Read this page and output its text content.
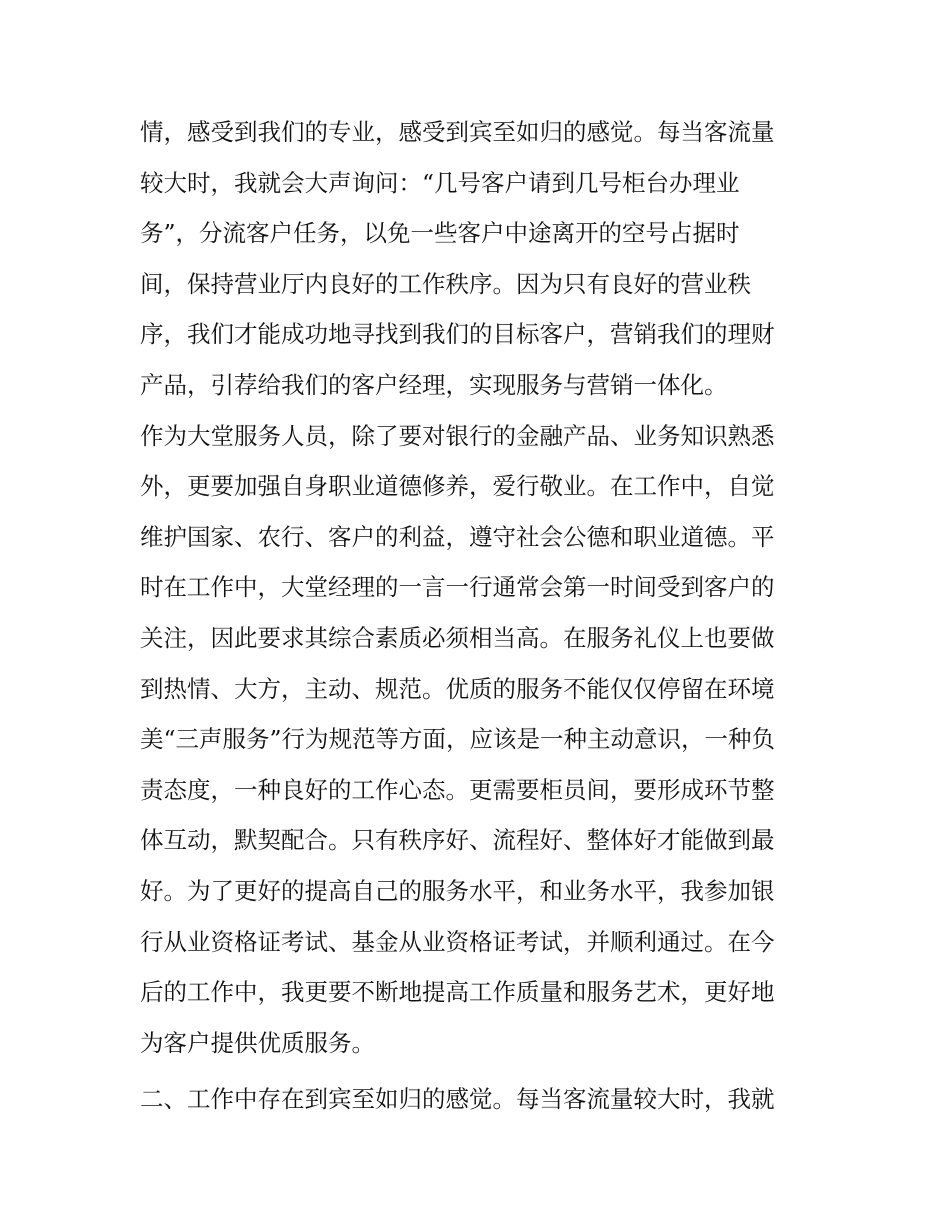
情，感受到我们的专业，感受到宾至如归的感觉。每当客流量
较大时，我就会大声询问：“几号客户请到几号柜台办理业
务”，分流客户任务，以免一些客户中途离开的空号占据时
间，保持营业厅内良好的工作秩序。因为只有良好的营业秩
序，我们才能成功地寻找到我们的目标客户，营销我们的理财
产品，引荐给我们的客户经理，实现服务与营销一体化。
作为大堂服务人员，除了要对银行的金融产品、业务知识熟悉
外，更要加强自身职业道德修养，爱行敬业。在工作中，自觉
维护国家、农行、客户的利益，遵守社会公德和职业道德。平
时在工作中，大堂经理的一言一行通常会第一时间受到客户的
关注，因此要求其综合素质必须相当高。在服务礼仪上也要做
到热情、大方，主动、规范。优质的服务不能仅仅停留在环境
美“三声服务”行为规范等方面，应该是一种主动意识，一种负
责态度，一种良好的工作心态。更需要柜员间，要形成环节整
体互动，默契配合。只有秩序好、流程好、整体好才能做到最
好。为了更好的提高自己的服务水平，和业务水平，我参加银
行从业资格证考试、基金从业资格证考试，并顺利通过。在今
后的工作中，我更要不断地提高工作质量和服务艺术，更好地
为客户提供优质服务。
二、工作中存在到宾至如归的感觉。每当客流量较大时，我就
